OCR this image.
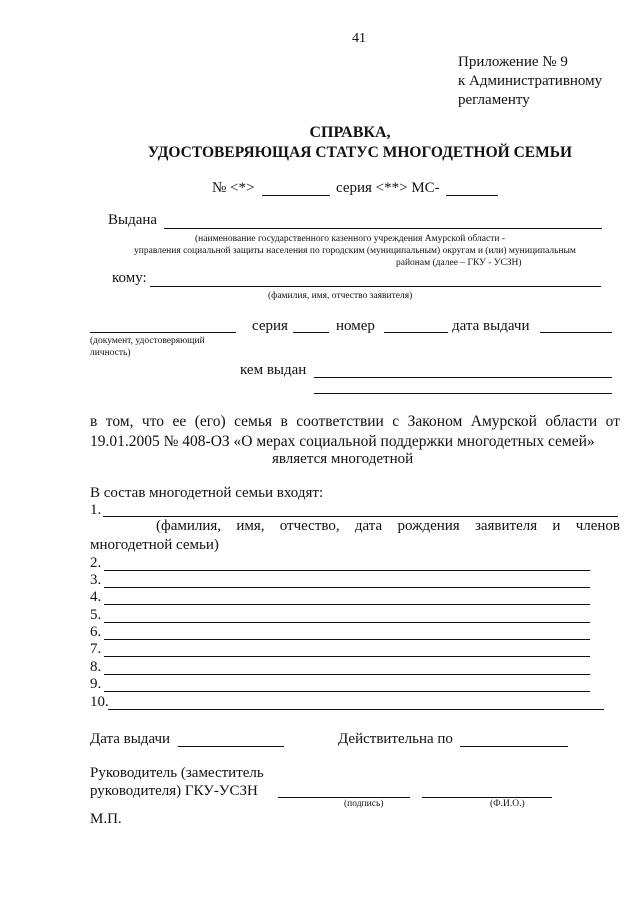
41
Приложение № 9
к Административному
регламенту
СПРАВКА,
УДОСТОВЕРЯЮЩАЯ СТАТУС МНОГОДЕТНОЙ СЕМЬИ
№ <*>	серия <**> МС-
Выдана
(наименование государственного казенного учреждения Амурской области -
управления социальной защиты населения по городским (муниципальным) округам и (или) муниципальным
районам (далее – ГКУ - УСЗН)
кому:
(фамилия, имя, отчество заявителя)
серия	номер	дата выдачи
(документ, удостоверяющий
личность)
кем выдан
в том, что ее (его) семья в соответствии с Законом Амурской области от
19.01.2005 № 408-ОЗ «О мерах социальной поддержки многодетных семей»
является многодетной
В состав многодетной семьи входят:
1.
(фамилия, имя, отчество, дата рождения заявителя и членов
многодетной семьи)
2.
3.
4.
5.
6.
7.
8.
9.
10.
Дата выдачи	Действительна по
Руководитель (заместитель
руководителя) ГКУ-УСЗН
(подпись)	(Ф.И.О.)
М.П.
